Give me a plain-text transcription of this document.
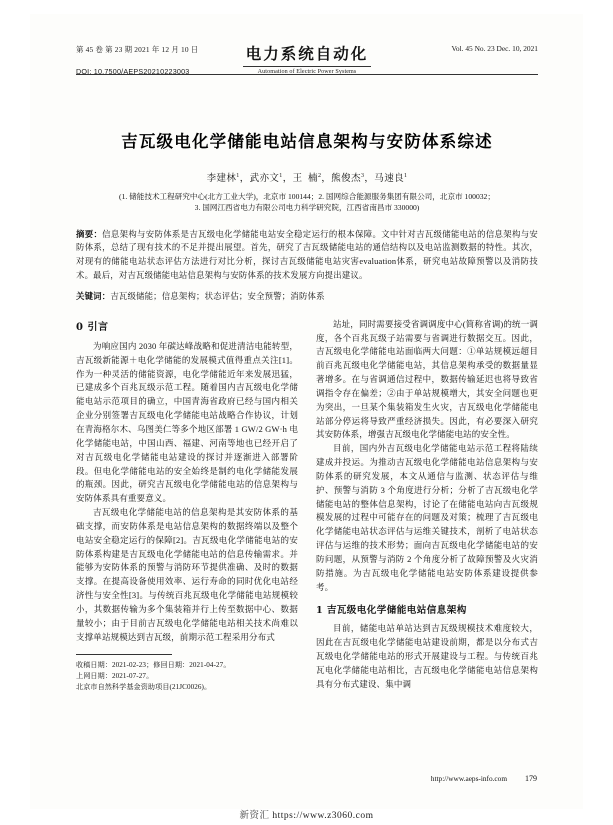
第 45 卷 第 23 期 2021 年 12 月 10 日
DOI: 10.7500/AEPS20210223003
电力系统自动化
Automation of Electric Power Systems
Vol. 45 No. 23 Dec. 10, 2021
吉瓦级电化学储能电站信息架构与安防体系综述
李建林$^1$，武亦文$^1$，王  楠$^2$，熊俊杰$^3$，马速良$^1$
(1. 储能技术工程研究中心(北方工业大学)，北京市 100144；2. 国网综合能源服务集团有限公司，北京市 100032；
3. 国网江西省电力有限公司电力科学研究院，江西省南昌市 330000)
摘要：信息架构与安防体系是吉瓦级电化学储能电站安全稳定运行的根本保障。文中针对吉瓦级储能电站的信息架构与安防体系，总结了现有技术的不足并提出展望。首先，研究了吉瓦级储能电站的通信结构以及电站监测数据的特性。其次，对现有的储能电站状态评估方法进行对比分析，探讨吉瓦级储能电站灾害evaluation体系，研究电站故障预警以及消防技术。最后，对吉瓦级储能电站信息架构与安防体系的技术发展方向提出建议。
关键词：吉瓦级储能；信息架构；状态评估；安全预警；消防体系
0 引言

为响应国内 2030 年碳达峰战略和促进清洁电能转型，吉瓦级新能源＋电化学储能的发展模式值得重点关注[1]。作为一种灵活的储能资源，电化学储能近年来发展迅猛，已建成多个百兆瓦级示范工程。随着国内吉瓦级电化学储能电站示范项目的确立，中国青海省政府已经与国内相关企业分别签署吉瓦级电化学储能电站战略合作协议，计划在青海格尔木、乌图美仁等多个地区部署 1 GW/2 GW·h 电化学储能电站，中国山西、福建、河南等地也已经开启了对吉瓦级电化学储能电站建设的探讨并逐渐进入部署阶段。但电化学储能电站的安全始终是制约电化学储能发展的瓶颈。因此，研究吉瓦级电化学储能电站的信息架构与安防体系具有重要意义。

吉瓦级电化学储能电站的信息架构是其安防体系的基础支撑，而安防体系是电站信息架构的数据终端以及整个电站安全稳定运行的保障[2]。吉瓦级电化学储能电站的安防体系构建是吉瓦级电化学储能电站的信息传输需求。并能够为安防体系的预警与消防环节提供准确、及时的数据支撑。在提高设备使用效率、运行寿命的同时优化电站经济性与安全性[3]。与传统百兆瓦级电化学储能电站规模较小，其数据传输为多个集装箱并行上传至数据中心、数据量较小；由于目前吉瓦级电化学储能电站相关技术尚难以支撑单站规模达到吉瓦级，前期示范工程采用分布式

收稿日期：2021-02-23；修回日期：2021-04-27。
上网日期：2021-07-27。
北京市自然科学基金资助项目(21JC0026)。

站址，同时需要接受省调调度中心(简称省调)的统一调度，各个百兆瓦级子站需要与省调进行数据交互。因此，吉瓦级电化学储能电站面临两大问题：①单站规模远超目前百兆瓦级电化学储能电站，其信息架构承受的数据量显著增多。在与省调通信过程中，数据传输延迟也将导致省调指令存在偏差；②由于单站规模增大，其安全问题也更为突出，一旦某个集装箱发生火灾，吉瓦级电化学储能电站部分停运将导致严重经济损失。因此，有必要深入研究其安防体系，增强吉瓦级电化学储能电站的安全性。

目前，国内外吉瓦级电化学储能电站示范工程将陆续建成并投运。为推动吉瓦级电化学储能电站信息架构与安防体系的研究发展，本文从通信与监测、状态评估与维护、预警与消防 3 个角度进行分析；分析了吉瓦级电化学储能电站的整体信息架构，讨论了在储能电站向吉瓦级规模发展的过程中可能存在的问题及对策；梳理了吉瓦级电化学储能电站状态评估与运维关键技术，剖析了电站状态评估与运维的技术形势；面向吉瓦级电化学储能电站的安防问题，从预警与消防 2 个角度分析了故障预警及火灾消防措施。为吉瓦级电化学储能电站安防体系建设提供参考。

1 吉瓦级电化学储能电站信息架构

目前，储能电站单站达到吉瓦级规模技术难度较大，因此在吉瓦级电化学储能电站建设前期，都是以分布式吉瓦级电化学储能电站的形式开展建设与工程。与传统百兆瓦电化学储能电站相比，吉瓦级电化学储能电站信息架构具有分布式建设、集中调

http://www.aeps-info.com 179
新资汇 https://www.z3060.com
